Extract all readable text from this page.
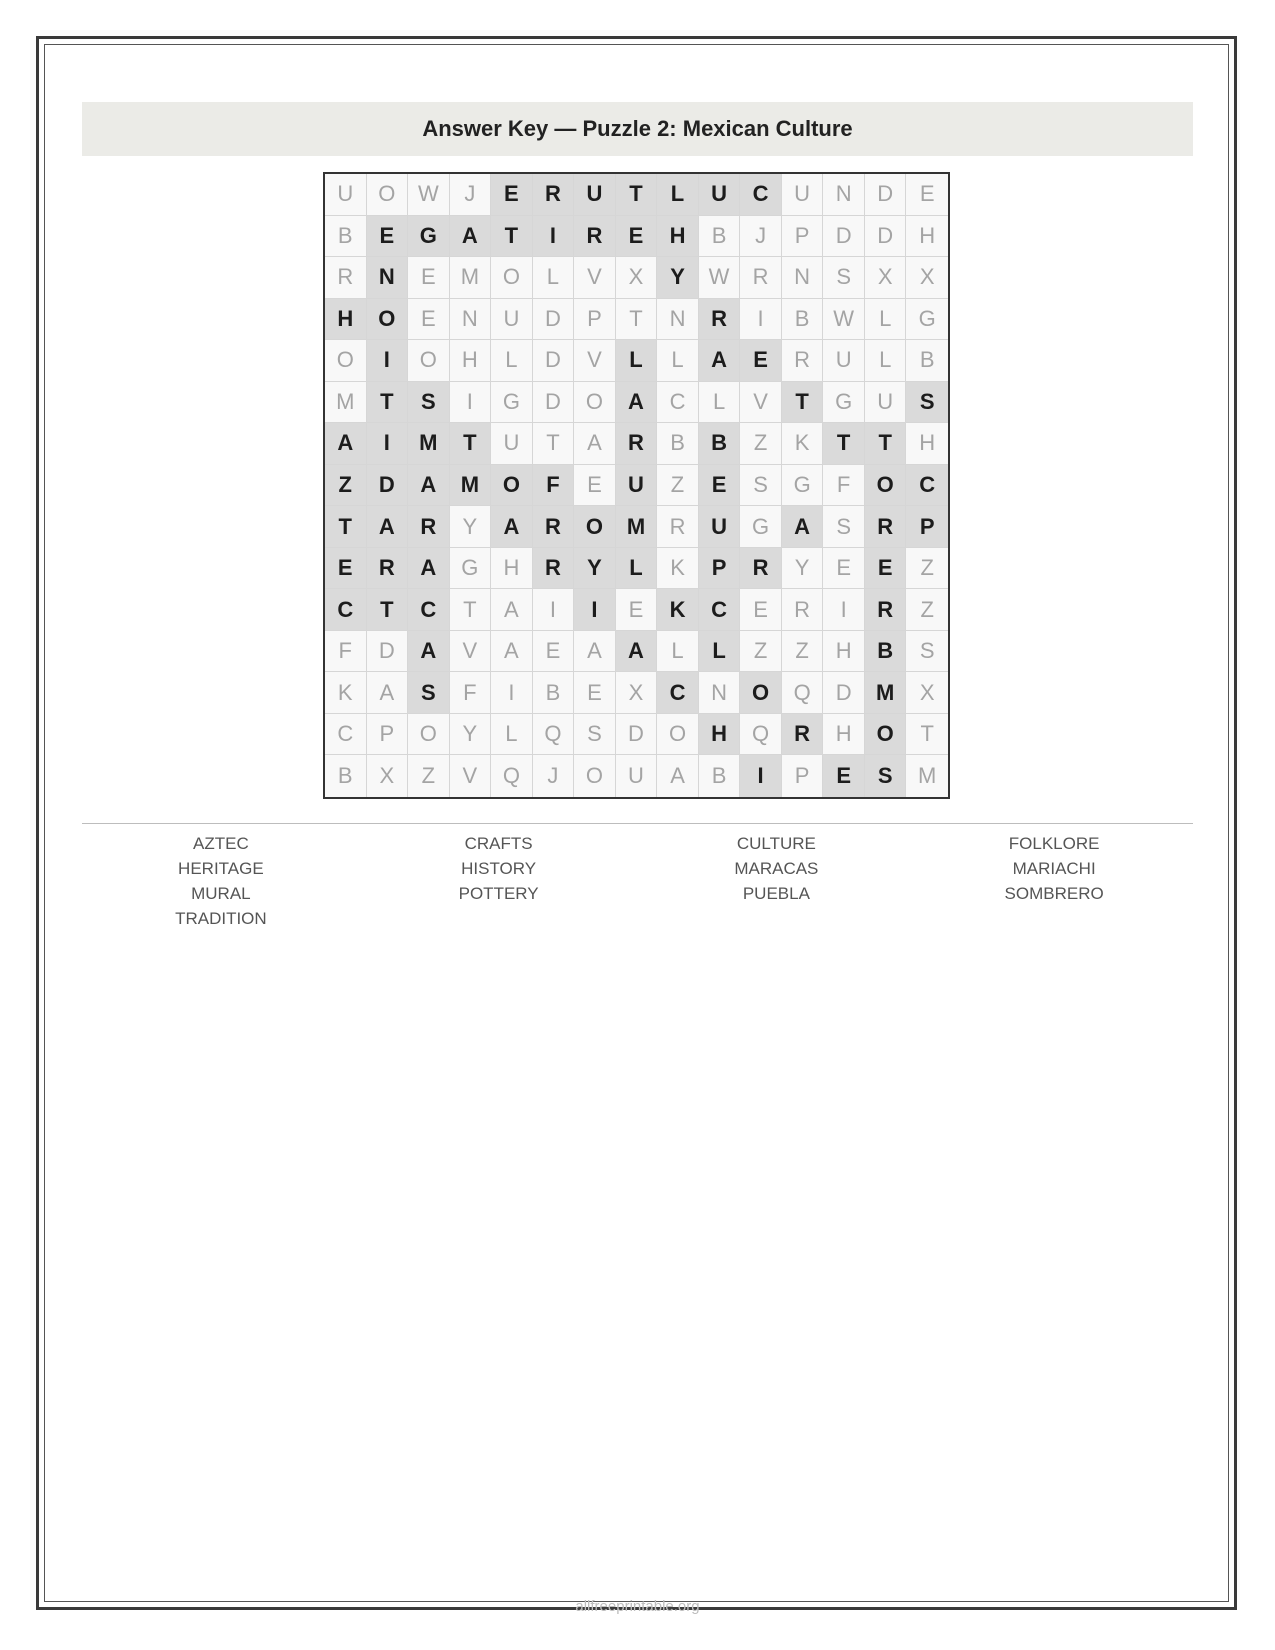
Answer Key — Puzzle 2: Mexican Culture
U	O	W	J	E	R	U	T	L	U	C	U	N	D	E
B	E	G	A	T	I	R	E	H	B	J	P	D	D	H
R	N	E	M	O	L	V	X	Y	W	R	N	S	X	X
H	O	E	N	U	D	P	T	N	R	I	B	W	L	G
O	I	O	H	L	D	V	L	L	A	E	R	U	L	B
M	T	S	I	G	D	O	A	C	L	V	T	G	U	S
A	I	M	T	U	T	A	R	B	B	Z	K	T	T	H
Z	D	A	M	O	F	E	U	Z	E	S	G	F	O	C
T	A	R	Y	A	R	O	M	R	U	G	A	S	R	P
E	R	A	G	H	R	Y	L	K	P	R	Y	E	E	Z
C	T	C	T	A	I	I	E	K	C	E	R	I	R	Z
F	D	A	V	A	E	A	A	L	L	Z	Z	H	B	S
K	A	S	F	I	B	E	X	C	N	O	Q	D	M	X
C	P	O	Y	L	Q	S	D	O	H	Q	R	H	O	T
B	X	Z	V	Q	J	O	U	A	B	I	P	E	S	M
AZTEC	CRAFTS	CULTURE	FOLKLORE
HERITAGE	HISTORY	MARACAS	MARIACHI
MURAL	POTTERY	PUEBLA	SOMBRERO
TRADITION
allfreeprintable.org
